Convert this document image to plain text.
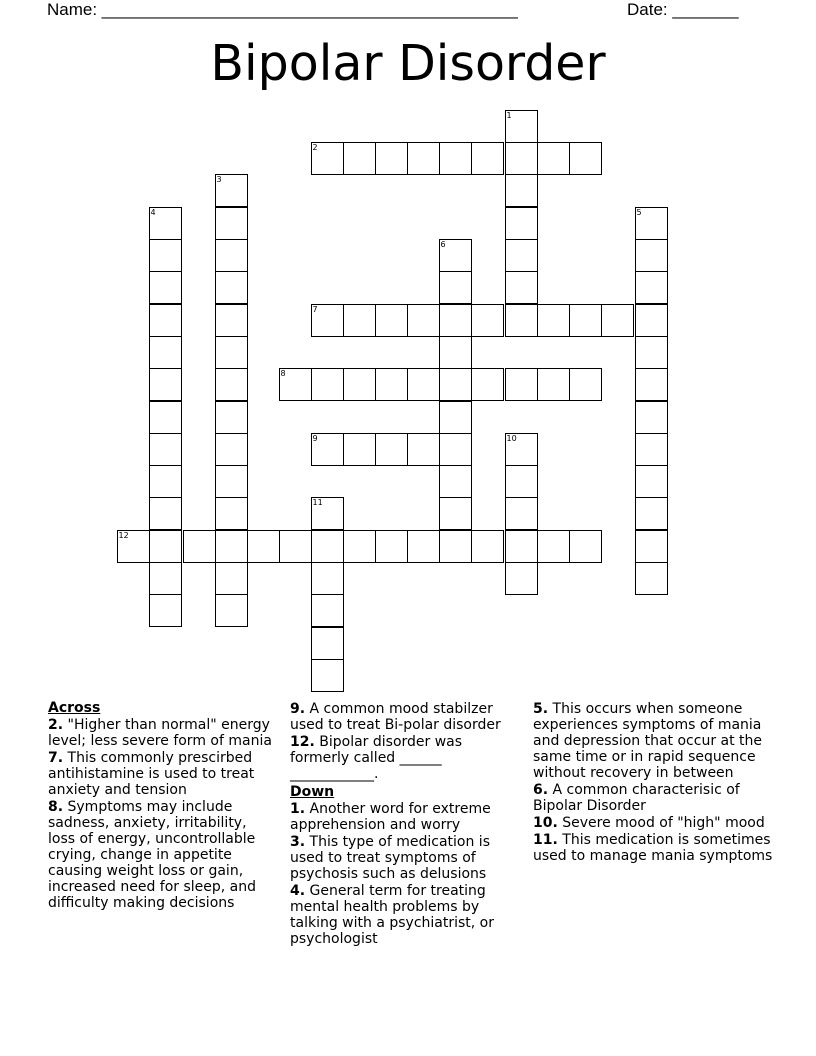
Name: ____________________________________________	Date: _______
Bipolar Disorder
1
2
3
4	5
6
7
8
9	10
11
12
Across
2. "Higher than normal" energy level; less severe form of mania
7. This commonly prescirbed antihistamine is used to treat anxiety and tension
8. Symptoms may include sadness, anxiety, irritability, loss of energy, uncontrollable crying, change in appetite causing weight loss or gain, increased need for sleep, and difficulty making decisions
9. A common mood stabilzer used to treat Bi-polar disorder
12. Bipolar disorder was formerly called ______ ____________.
Down
1. Another word for extreme apprehension and worry
3. This type of medication is used to treat symptoms of psychosis such as delusions
4. General term for treating mental health problems by talking with a psychiatrist, or psychologist
5. This occurs when someone experiences symptoms of mania and depression that occur at the same time or in rapid sequence without recovery in between
6. A common characterisic of Bipolar Disorder
10. Severe mood of "high" mood
11. This medication is sometimes used to manage mania symptoms
